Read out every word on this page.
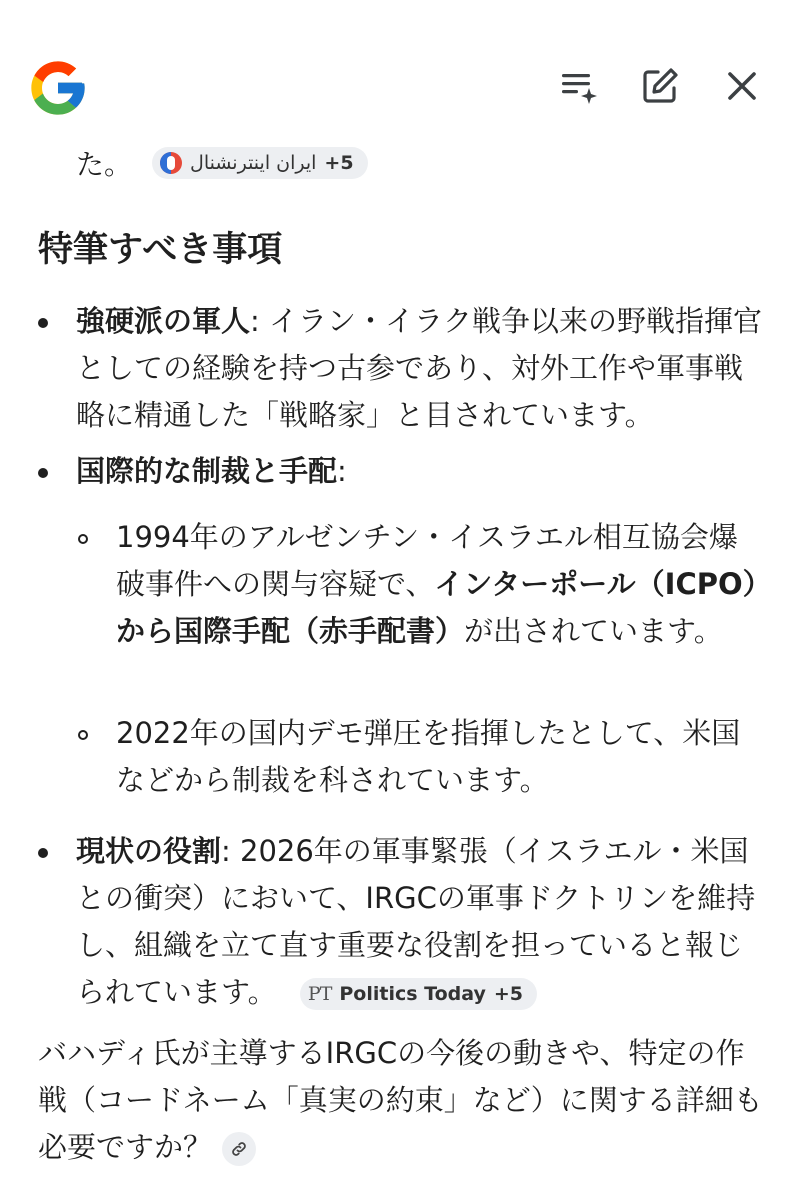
た。	ایران اینترنشنال +5
特筆すべき事項
強硬派の軍人: イラン・イラク戦争以来の野戦指揮官としての経験を持つ古参であり、対外工作や軍事戦略に精通した「戦略家」と目されています。
国際的な制裁と手配:
1994年のアルゼンチン・イスラエル相互協会爆破事件への関与容疑で、インターポール（ICPO）から国際手配（赤手配書）が出されています。
2022年の国内デモ弾圧を指揮したとして、米国などから制裁を科されています。
現状の役割: 2026年の軍事緊張（イスラエル・米国との衝突）において、IRGCの軍事ドクトリンを維持し、組織を立て直す重要な役割を担っていると報じられています。 PT Politics Today +5
バハディ氏が主導するIRGCの今後の動きや、特定の作戦（コードネーム「真実の約束」など）に関する詳細も必要ですか？
